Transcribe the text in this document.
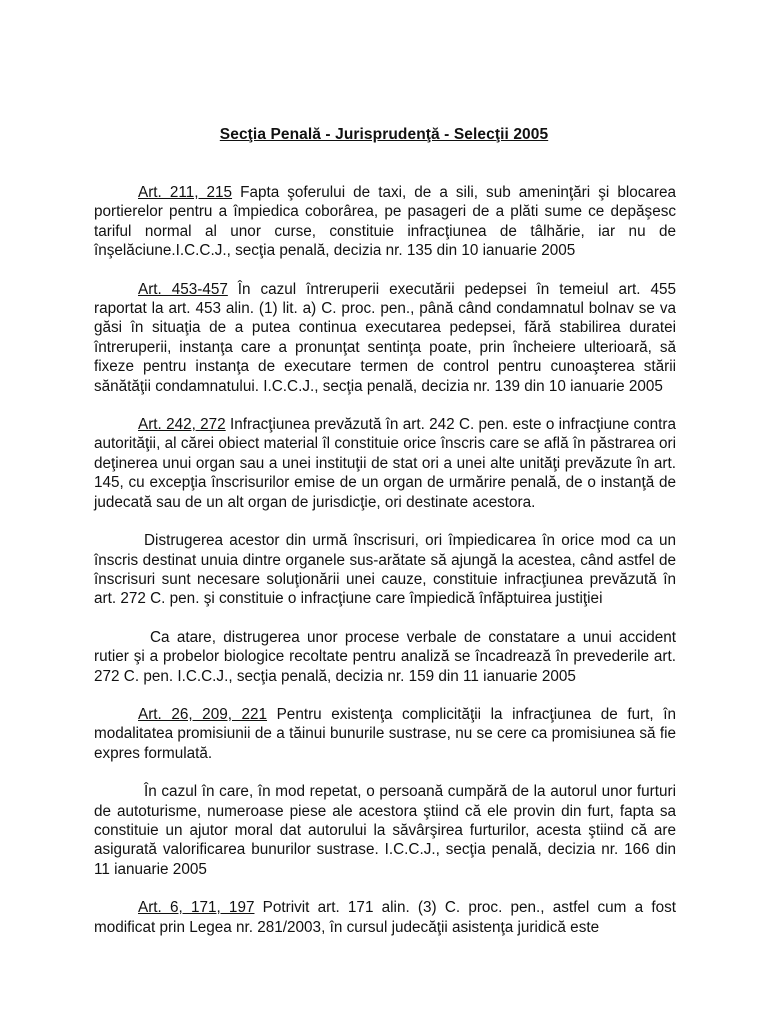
Secţia Penală - Jurisprudenţă - Selecţii 2005

Art. 211, 215 Fapta şoferului de taxi, de a sili, sub ameninţări şi blocarea portierelor pentru a împiedica coborârea, pe pasageri de a plăti sume ce depăşesc tariful normal al unor curse, constituie infracţiunea de tâlhărie, iar nu de înşelăciune.I.C.C.J., secţia penală, decizia nr. 135 din 10 ianuarie 2005

Art. 453-457 În cazul întreruperii executării pedepsei în temeiul art. 455 raportat la art. 453 alin. (1) lit. a) C. proc. pen., până când condamnatul bolnav se va găsi în situaţia de a putea continua executarea pedepsei, fără stabilirea duratei întreruperii, instanţa care a pronunţat sentinţa poate, prin încheiere ulterioară, să fixeze pentru instanţa de executare termen de control pentru cunoaşterea stării sănătăţii condamnatului. I.C.C.J., secţia penală, decizia nr. 139 din 10 ianuarie 2005

Art. 242, 272 Infracţiunea prevăzută în art. 242 C. pen. este o infracţiune contra autorităţii, al cărei obiect material îl constituie orice înscris care se află în păstrarea ori deţinerea unui organ sau a unei instituţii de stat ori a unei alte unităţi prevăzute în art. 145, cu excepţia înscrisurilor emise de un organ de urmărire penală, de o instanţă de judecată sau de un alt organ de jurisdicţie, ori destinate acestora.

Distrugerea acestor din urmă înscrisuri, ori împiedicarea în orice mod ca un înscris destinat unuia dintre organele sus-arătate să ajungă la acestea, când astfel de înscrisuri sunt necesare soluţionării unei cauze, constituie infracţiunea prevăzută în art. 272 C. pen. şi constituie o infracţiune care împiedică înfăptuirea justiţiei

Ca atare, distrugerea unor procese verbale de constatare a unui accident rutier şi a probelor biologice recoltate pentru analiză se încadrează în prevederile art. 272 C. pen. I.C.C.J., secţia penală, decizia nr. 159 din 11 ianuarie 2005

Art. 26, 209, 221 Pentru existenţa complicităţii la infracţiunea de furt, în modalitatea promisiunii de a tăinui bunurile sustrase, nu se cere ca promisiunea să fie expres formulată.

În cazul în care, în mod repetat, o persoană cumpără de la autorul unor furturi de autoturisme, numeroase piese ale acestora ştiind că ele provin din furt, fapta sa constituie un ajutor moral dat autorului la săvârşirea furturilor, acesta ştiind că are asigurată valorificarea bunurilor sustrase. I.C.C.J., secţia penală, decizia nr. 166 din 11 ianuarie 2005

Art. 6, 171, 197 Potrivit art. 171 alin. (3) C. proc. pen., astfel cum a fost modificat prin Legea nr. 281/2003, în cursul judecăţii asistenţa juridică este
